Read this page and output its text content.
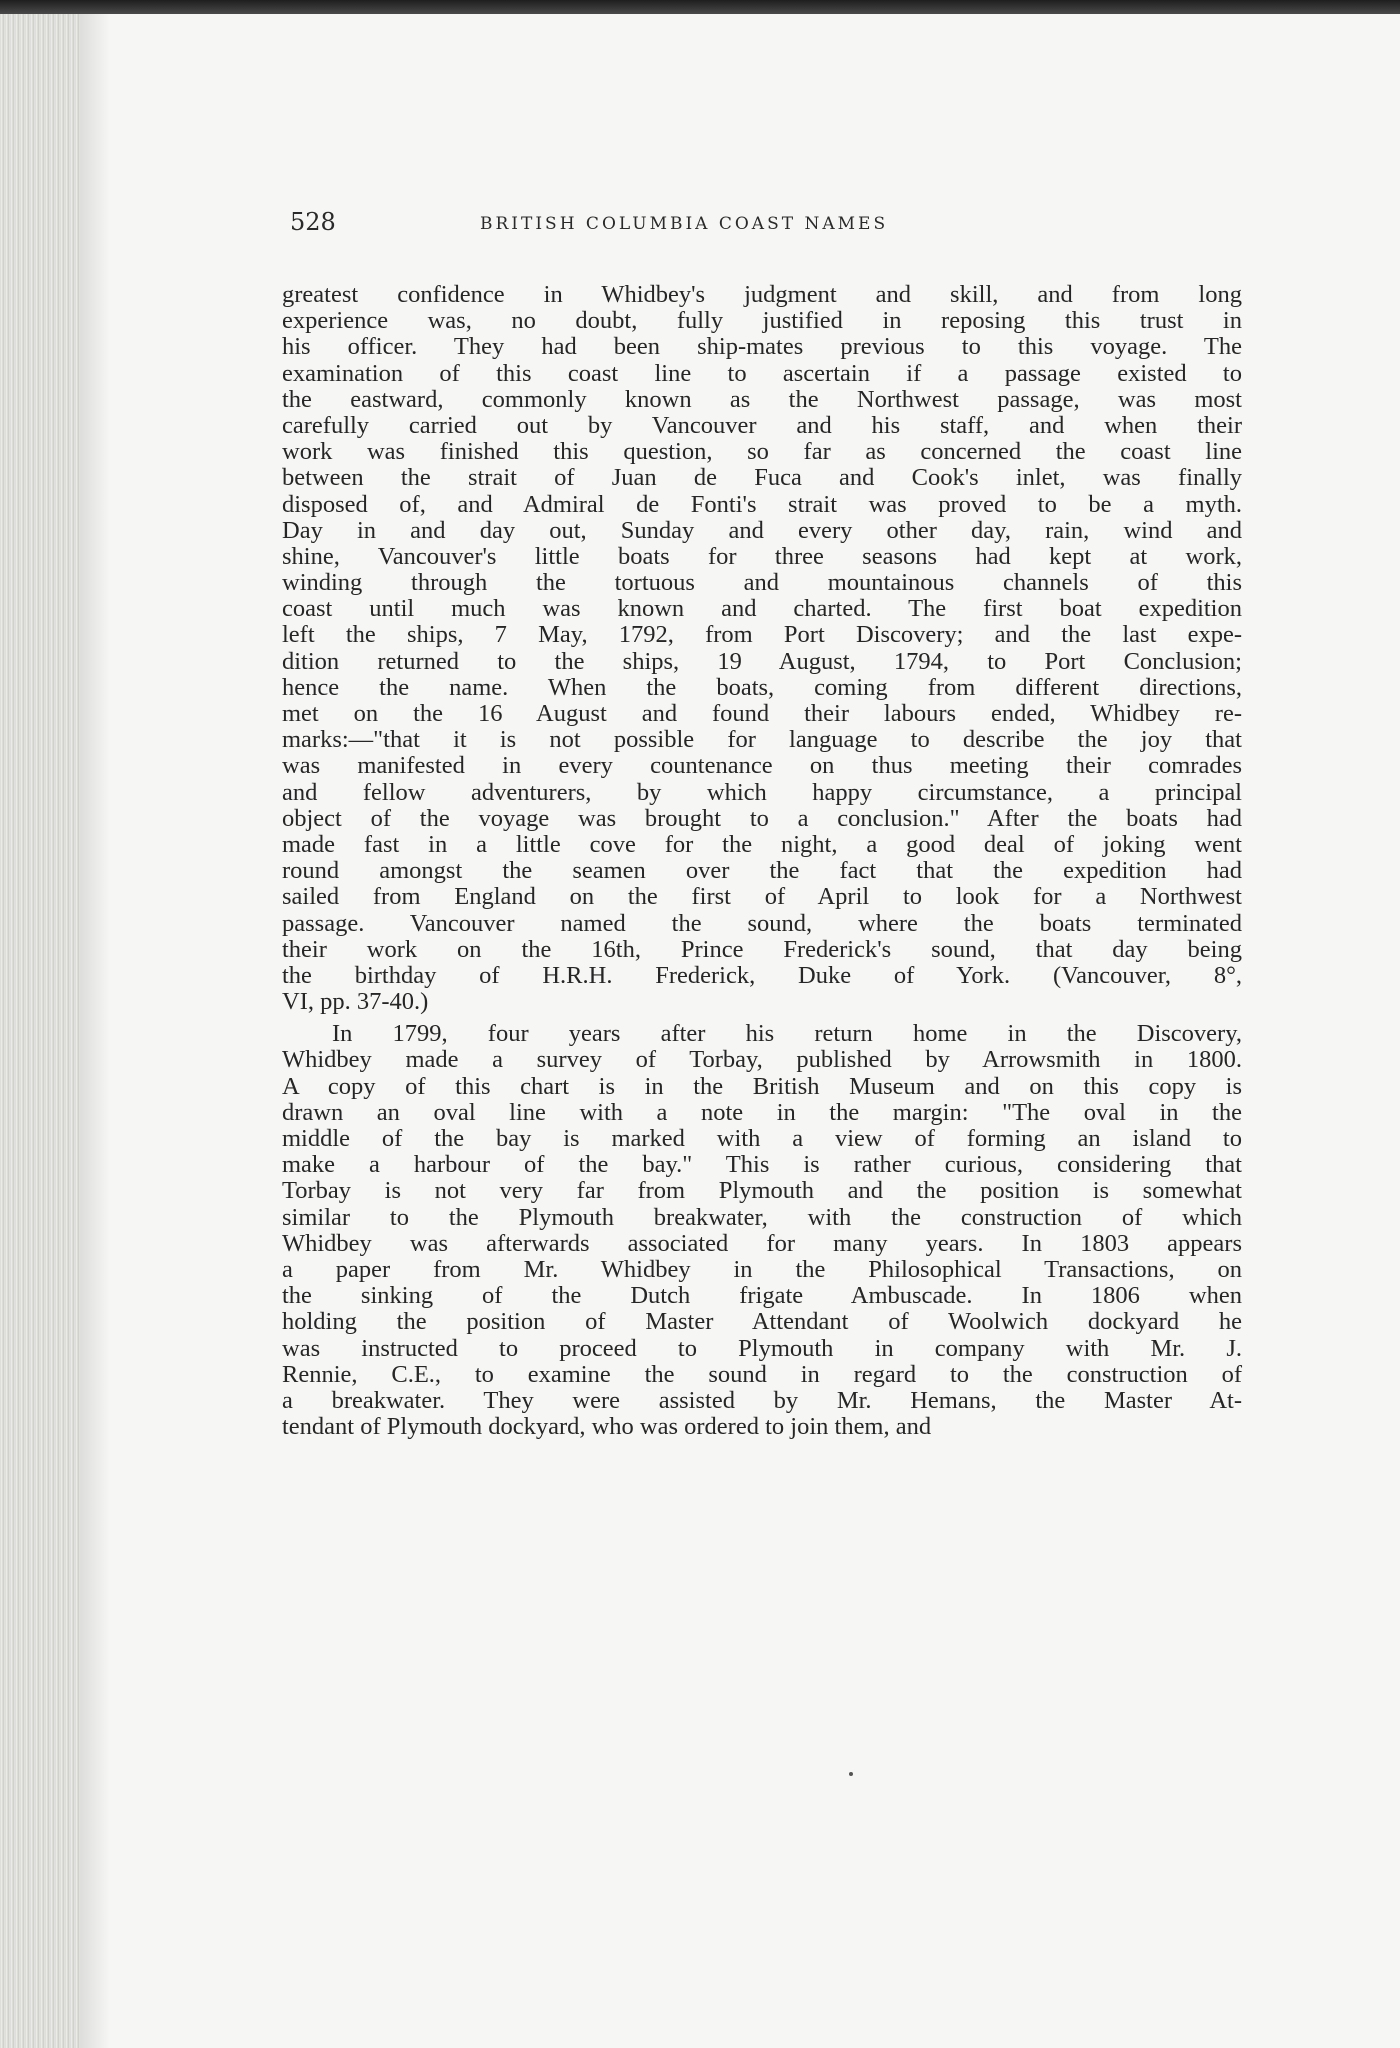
528	BRITISH COLUMBIA COAST NAMES
greatest confidence in Whidbey's judgment and skill, and from long
experience was, no doubt, fully justified in reposing this trust in
his officer. They had been ship-mates previous to this voyage. The
examination of this coast line to ascertain if a passage existed to
the eastward, commonly known as the Northwest passage, was most
carefully carried out by Vancouver and his staff, and when their
work was finished this question, so far as concerned the coast line
between the strait of Juan de Fuca and Cook's inlet, was finally
disposed of, and Admiral de Fonti's strait was proved to be a myth.
Day in and day out, Sunday and every other day, rain, wind and
shine, Vancouver's little boats for three seasons had kept at work,
winding through the tortuous and mountainous channels of this
coast until much was known and charted. The first boat expedition
left the ships, 7 May, 1792, from Port Discovery; and the last expe-
dition returned to the ships, 19 August, 1794, to Port Conclusion;
hence the name. When the boats, coming from different directions,
met on the 16 August and found their labours ended, Whidbey re-
marks:—"that it is not possible for language to describe the joy that
was manifested in every countenance on thus meeting their comrades
and fellow adventurers, by which happy circumstance, a principal
object of the voyage was brought to a conclusion." After the boats had
made fast in a little cove for the night, a good deal of joking went
round amongst the seamen over the fact that the expedition had
sailed from England on the first of April to look for a Northwest
passage. Vancouver named the sound, where the boats terminated
their work on the 16th, Prince Frederick's sound, that day being
the birthday of H.R.H. Frederick, Duke of York. (Vancouver, 8°,
VI, pp. 37-40.)
In 1799, four years after his return home in the Discovery,
Whidbey made a survey of Torbay, published by Arrowsmith in 1800.
A copy of this chart is in the British Museum and on this copy is
drawn an oval line with a note in the margin: "The oval in the
middle of the bay is marked with a view of forming an island to
make a harbour of the bay." This is rather curious, considering that
Torbay is not very far from Plymouth and the position is somewhat
similar to the Plymouth breakwater, with the construction of which
Whidbey was afterwards associated for many years. In 1803 appears
a paper from Mr. Whidbey in the Philosophical Transactions, on
the sinking of the Dutch frigate Ambuscade. In 1806 when
holding the position of Master Attendant of Woolwich dockyard he
was instructed to proceed to Plymouth in company with Mr. J.
Rennie, C.E., to examine the sound in regard to the construction of
a breakwater. They were assisted by Mr. Hemans, the Master At-
tendant of Plymouth dockyard, who was ordered to join them, and
